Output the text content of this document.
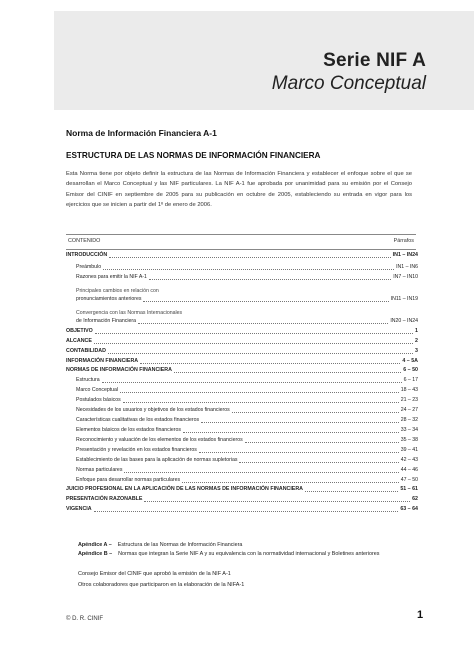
Serie NIF A
Marco Conceptual
Norma de Información Financiera A-1
ESTRUCTURA DE LAS NORMAS DE INFORMACIÓN FINANCIERA
Esta Norma tiene por objeto definir la estructura de las Normas de Información Financiera y establecer el enfoque sobre el que se desarrollan el Marco Conceptual y las NIF particulares. La NIF A-1 fue aprobada por unanimidad para su emisión por el Consejo Emisor del CINIF en septiembre de 2005 para su publicación en octubre de 2005, estableciendo su entrada en vigor para los ejercicios que se inicien a partir del 1º de enero de 2006.
CONTENIDO	Párrafos
INTRODUCCIÓN	IN1 – IN24
Preámbulo	IN1 – IN6
Razones para emitir la NIF A-1	IN7 – IN10
Principales cambios en relación con
pronunciamientos anteriores	IN11 – IN19
Convergencia con las Normas Internacionales
de Información Financiera	IN20 – IN24
OBJETIVO	1
ALCANCE	2
CONTABILIDAD	3
INFORMACIÓN FINANCIERA	4 – 5A
NORMAS DE INFORMACIÓN FINANCIERA	6 – 50
Estructura	6 – 17
Marco Conceptual	18 – 43
Postulados básicos	21 – 23
Necesidades de los usuarios y objetivos de los estados financieros	24 – 27
Características cualitativas de los estados financieros	28 – 32
Elementos básicos de los estados financieros	33 – 34
Reconocimiento y valuación de los elementos de los estados financieros	35 – 38
Presentación y revelación en los estados financieros	39 – 41
Establecimiento de las bases para la aplicación de normas supletorias	42 – 43
Normas particulares	44 – 46
Enfoque para desarrollar normas particulares	47 – 50
JUICIO PROFESIONAL EN LA APLICACIÓN DE LAS NORMAS DE INFORMACIÓN FINANCIERA	51 – 61
PRESENTACIÓN RAZONABLE	62
VIGENCIA	63 – 64
Apéndice A – Estructura de las Normas de Información Financiera
Apéndice B – Normas que integran la Serie NIF A y su equivalencia con la normatividad internacional y Boletines anteriores
Consejo Emisor del CINIF que aprobó la emisión de la NIF A-1
Otros colaboradores que participaron en la elaboración de la NIFA-1
© D. R. CINIF	1
